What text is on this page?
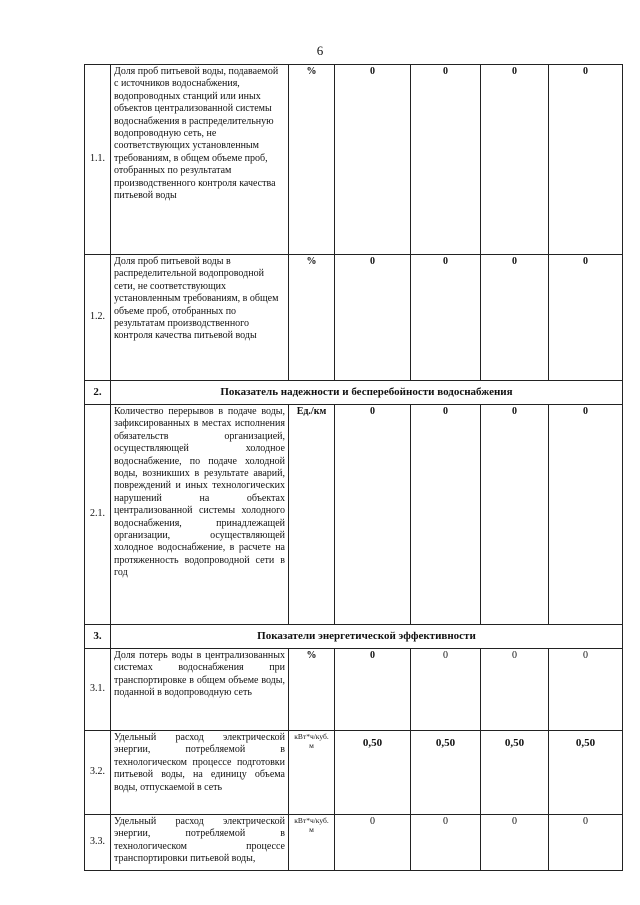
6
1.1.	Доля проб питьевой воды, подаваемой с источников водоснабжения, водопроводных станций или иных объектов централизованной системы водоснабжения в распределительную водопроводную сеть, не соответствующих установленным требованиям, в общем объеме проб, отобранных по результатам производственного контроля качества питьевой воды	%	0	0	0	0
1.2.	Доля проб питьевой воды в распределительной водопроводной сети, не соответствующих установленным требованиям, в общем объеме проб, отобранных по результатам производственного контроля качества питьевой воды	%	0	0	0	0
2.	Показатель надежности и бесперебойности водоснабжения					
2.1.	Количество перерывов в подаче воды, зафиксированных в местах исполнения обязательств организацией, осуществляющей холодное водоснабжение, по подаче холодной воды, возникших в результате аварий, повреждений и иных технологических нарушений на объектах централизованной системы холодного водоснабжения, принадлежащей организации, осуществляющей холодное водоснабжение, в расчете на протяженность водопроводной сети в год	Ед./км	0	0	0	0
3.	Показатели энергетической эффективности					
3.1.	Доля потерь воды в централизованных системах водоснабжения при транспортировке в общем объеме воды, поданной в водопроводную сеть	%	0	0	0	0
3.2.	Удельный расход электрической энергии, потребляемой в технологическом процессе подготовки питьевой воды, на единицу объема воды, отпускаемой в сеть	кВт*ч/куб. м	0,50	0,50	0,50	0,50
3.3.	Удельный расход электрической энергии, потребляемой в технологическом процессе транспортировки питьевой воды,	кВт*ч/куб. м	0	0	0	0
